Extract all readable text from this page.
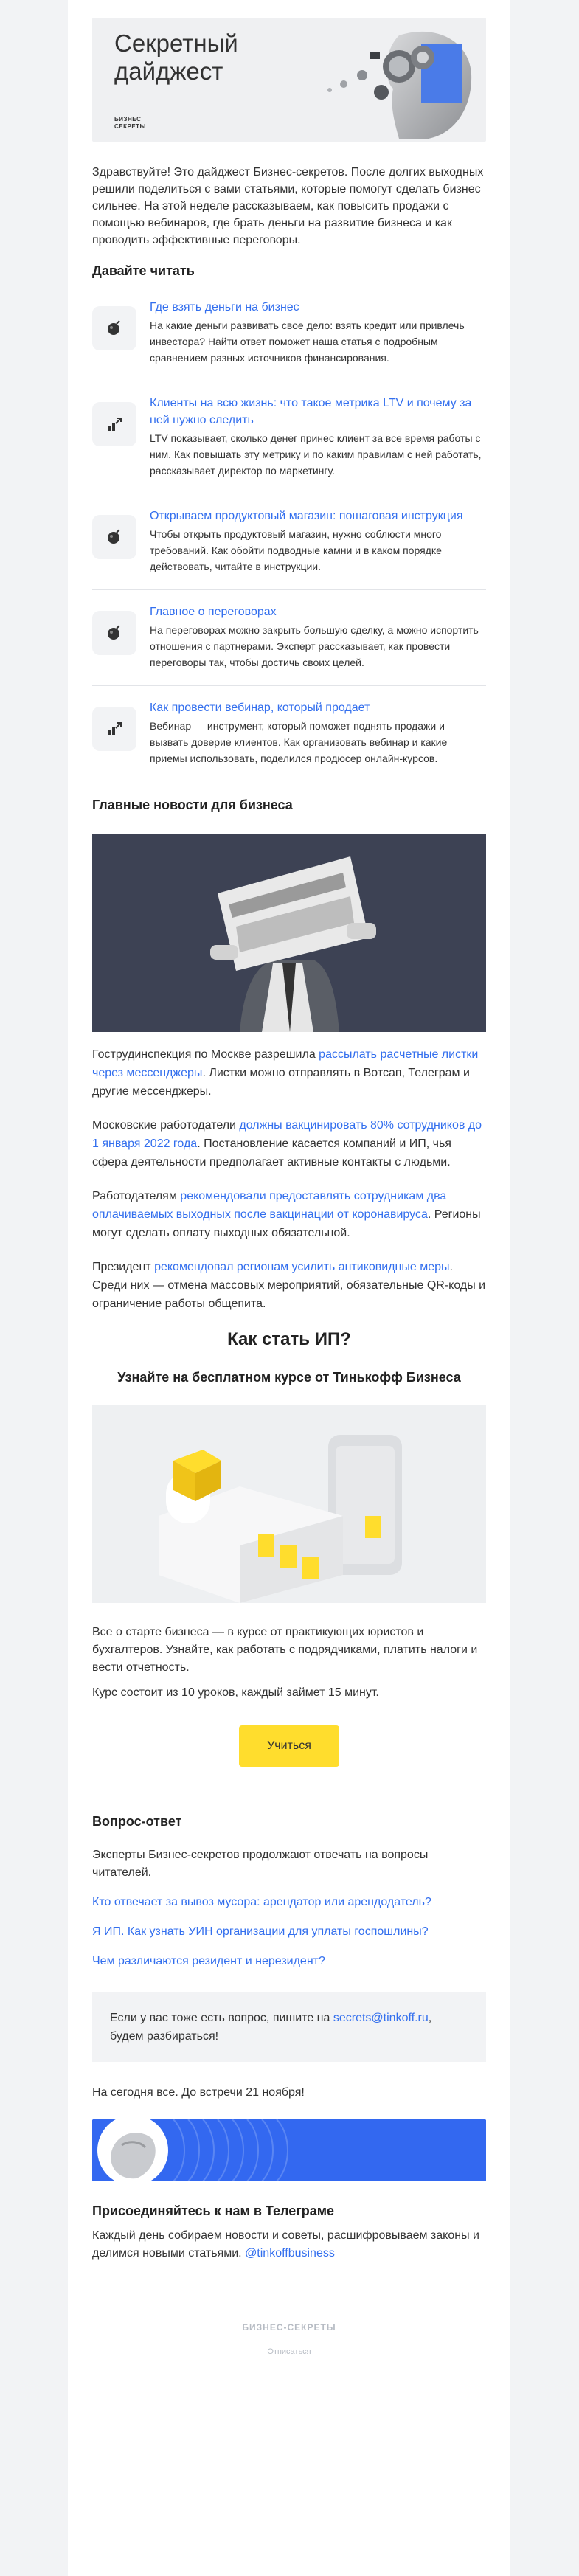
Секретный
дайджест
БИЗНЕС
СЕКРЕТЫ
Здравствуйте! Это дайджест Бизнес-секретов. После долгих выходных решили поделиться с вами статьями, которые помогут сделать бизнес сильнее. На этой неделе рассказываем, как повысить продажи с помощью вебинаров, где брать деньги на развитие бизнеса и как проводить эффективные переговоры.
Давайте читать
Где взять деньги на бизнес
На какие деньги развивать свое дело: взять кредит или привлечь инвестора? Найти ответ поможет наша статья с подробным сравнением разных источников финансирования.
Клиенты на всю жизнь: что такое метрика LTV и почему за ней нужно следить
LTV показывает, сколько денег принес клиент за все время работы с ним. Как повышать эту метрику и по каким правилам с ней работать, рассказывает директор по маркетингу.
Открываем продуктовый магазин: пошаговая инструкция
Чтобы открыть продуктовый магазин, нужно соблюсти много требований. Как обойти подводные камни и в каком порядке действовать, читайте в инструкции.
Главное о переговорах
На переговорах можно закрыть большую сделку, а можно испортить отношения с партнерами. Эксперт рассказывает, как провести переговоры так, чтобы достичь своих целей.
Как провести вебинар, который продает
Вебинар — инструмент, который поможет поднять продажи и вызвать доверие клиентов. Как организовать вебинар и какие приемы использовать, поделился продюсер онлайн-курсов.
Главные новости для бизнеса

Гострудинспекция по Москве разрешила рассылать расчетные листки через мессенджеры. Листки можно отправлять в Вотсап, Телеграм и другие мессенджеры.

Московские работодатели должны вакцинировать 80% сотрудников до 1 января 2022 года. Постановление касается компаний и ИП, чья сфера деятельности предполагает активные контакты с людьми.

Работодателям рекомендовали предоставлять сотрудникам два оплачиваемых выходных после вакцинации от коронавируса. Регионы могут сделать оплату выходных обязательной.

Президент рекомендовал регионам усилить антиковидные меры. Среди них — отмена массовых мероприятий, обязательные QR-коды и ограничение работы общепита.

Как стать ИП?
Узнайте на бесплатном курсе от Тинькофф Бизнеса
Все о старте бизнеса — в курсе от практикующих юристов и бухгалтеров. Узнайте, как работать с подрядчиками, платить налоги и вести отчетность.
Курс состоит из 10 уроков, каждый займет 15 минут.
Учиться
Вопрос-ответ
Эксперты Бизнес-секретов продолжают отвечать на вопросы читателей.
Кто отвечает за вывоз мусора: арендатор или арендодатель?
Я ИП. Как узнать УИН организации для уплаты госпошлины?
Чем различаются резидент и нерезидент?
Если у вас тоже есть вопрос, пишите на secrets@tinkoff.ru, будем разбираться!
На сегодня все. До встречи 21 ноября!
Присоединяйтесь к нам в Телеграме
Каждый день собираем новости и советы, расшифровываем законы и делимся новыми статьями. @tinkoffbusiness
БИЗНЕС-СЕКРЕТЫ
Отписаться
